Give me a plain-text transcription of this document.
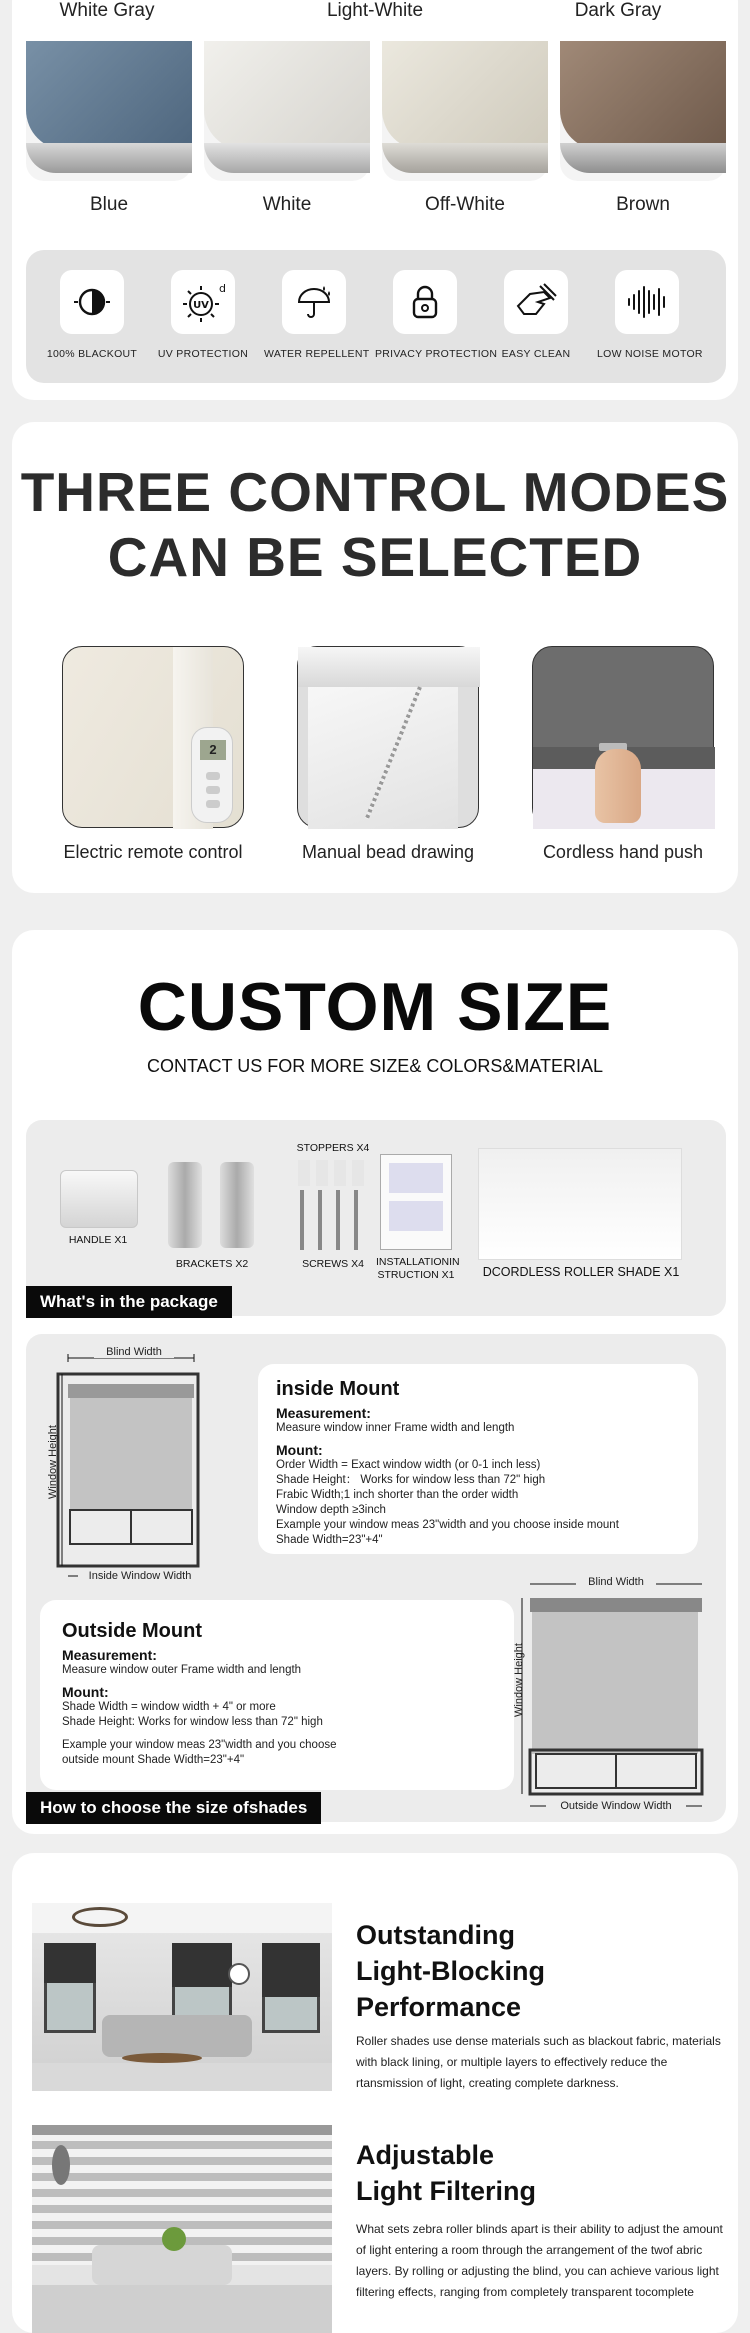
White Gray	Light-White	Dark Gray
Blue	White	Off-White	Brown
100% BLACKOUT
UV
d
UV PROTECTION	WATER REPELLENT PRIVACY PROTECTION EASY CLEAN	LOW NOISE MOTOR
THREE CONTROL MODES
CAN BE SELECTED
2
Electric remote control	Manual bead drawing	Cordless hand push
CUSTOM SIZE
CONTACT US FOR MORE SIZE& COLORS&MATERIAL
HANDLE X1
BRACKETS X2
STOPPERS X4
SCREWS X4	INSTALLATIONIN STRUCTION X1	DCORDLESS ROLLER SHADE X1
What's in the package
Blind Width
Window Height
Inside Window Width
inside Mount
Measurement:
Measure window inner Frame width and length
Mount:
Order Width = Exact window width (or 0-1 inch less)
Shade Height： Works for window less than 72" high
Frabic Width;1 inch shorter than the order width
Window depth ≥3inch
Example your window meas 23"width and you choose inside mount
Shade Width=23"+4"
Outside Mount
Measurement:
Measure window outer Frame width and length
Mount:
Shade Width = window width + 4" or more
Shade Height: Works for window less than 72" high
Example your window meas 23"width and you choose
outside mount Shade Width=23"+4"
Blind Width
Window Height
Outside Window Width
How to choose the size ofshades
Outstanding
Light-Blocking
Performance
Roller shades use dense materials such as blackout fabric, materials with black lining, or multiple layers to effectively reduce the  rtansmission of light, creating complete darkness.
Adjustable
Light Filtering
What sets zebra roller blinds apart is their ability to adjust the amount of light entering a room through the arrangement of the twof abric layers. By rolling or adjusting the blind, you can achieve various light filtering effects, ranging from completely transparent tocomplete
